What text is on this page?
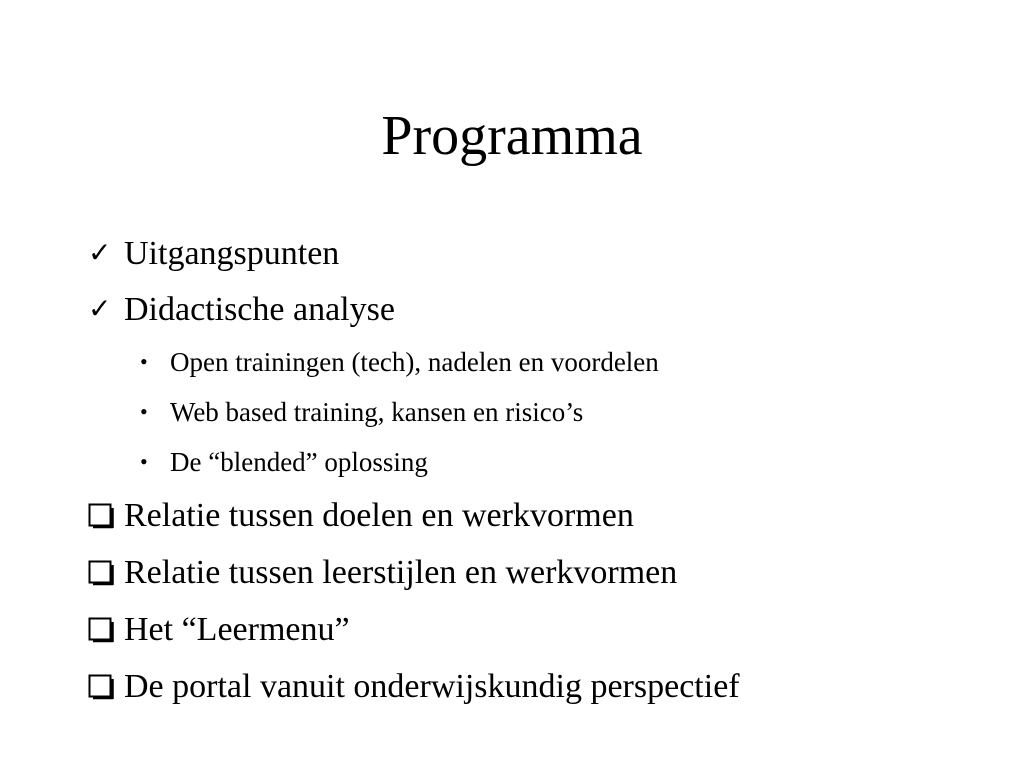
Programma
✓ Uitgangspunten
✓ Didactische analyse
• Open trainingen (tech), nadelen en voordelen
• Web based training, kansen en risico’s
• De “blended” oplossing
Relatie tussen doelen en werkvormen
Relatie tussen leerstijlen en werkvormen
Het “Leermenu”
De portal vanuit onderwijskundig perspectief
